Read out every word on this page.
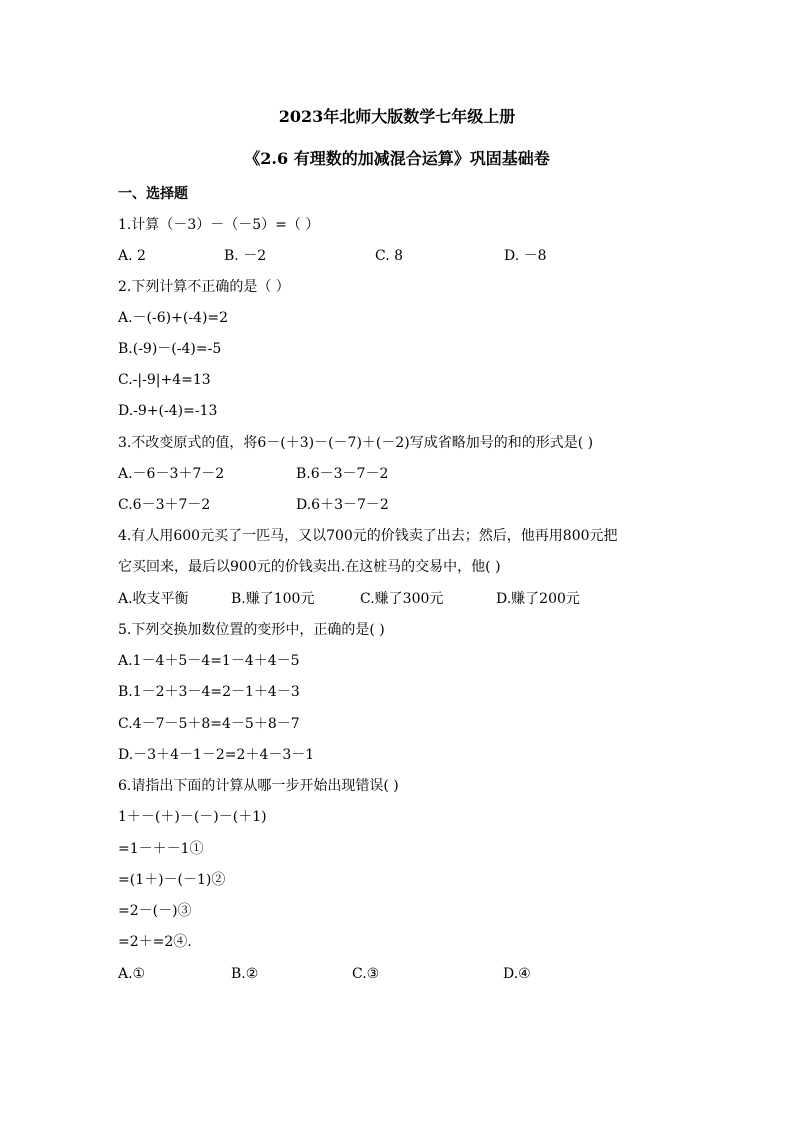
2023年北师大版数学七年级上册
《2.6 有理数的加减混合运算》巩固基础卷
一、选择题
1.计算（－3）－（－5）=（ ）
A. 2	B. －2	C. 8	D. －8
2.下列计算不正确的是（ ）
A.－(-6)+(-4)=2
B.(-9)－(-4)=-5
C.-|-9|+4=13
D.-9+(-4)=-13
3.不改变原式的值，将6－(＋3)－(－7)＋(－2)写成省略加号的和的形式是( )
A.－6－3＋7－2	B.6－3－7－2
C.6－3＋7－2	D.6＋3－7－2
4.有人用600元买了一匹马，又以700元的价钱卖了出去；然后，他再用800元把
它买回来，最后以900元的价钱卖出.在这桩马的交易中，他( )
A.收支平衡	B.赚了100元	C.赚了300元	D.赚了200元
5.下列交换加数位置的变形中，正确的是( )
A.1－4＋5－4=1－4＋4－5
B.1－2＋3－4=2－1＋4－3
C.4－7－5＋8=4－5＋8－7
D.－3＋4－1－2=2＋4－3－1
6.请指出下面的计算从哪一步开始出现错误( )
1＋－(＋)－(－)－(＋1)
=1－＋－1①
=(1＋)－(－1)②
=2－(－)③
=2＋=2④.
A.①	B.②	C.③	D.④
